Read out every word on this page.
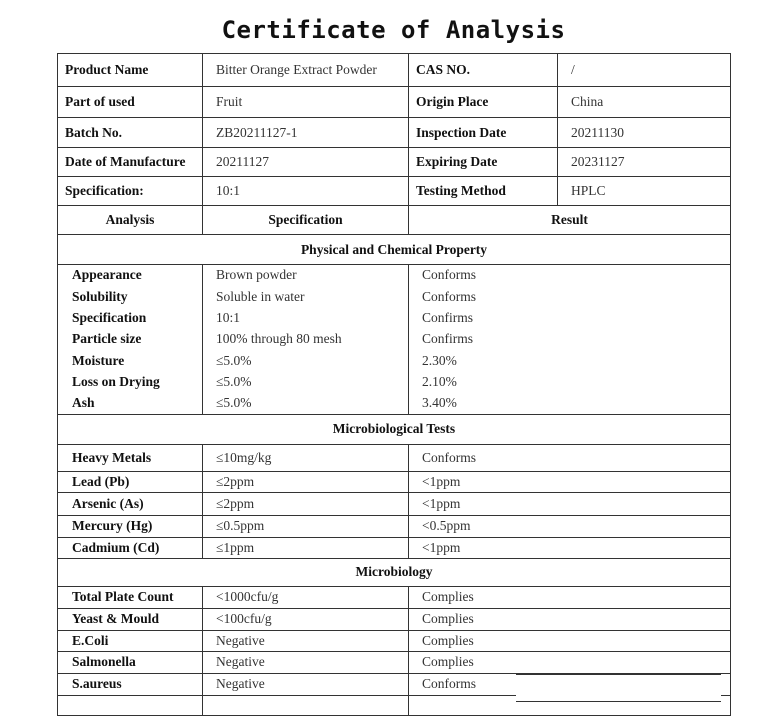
Certificate of Analysis
Product Name	Bitter Orange Extract Powder	CAS NO.	/
Part of used	Fruit	Origin Place	China
Batch No.	ZB20211127-1	Inspection Date	20211130
Date of Manufacture	20211127	Expiring Date	20231127
Specification:	10:1	Testing Method	HPLC
Analysis	Specification	Result	
Physical and Chemical Property			
Appearance	Brown powder	Conforms	
Solubility	Soluble in water	Conforms	
Specification	10:1	Confirms	
Particle size	100% through 80 mesh	Confirms	
Moisture	≤5.0%	2.30%	
Loss on Drying	≤5.0%	2.10%	
Ash	≤5.0%	3.40%	
Microbiological Tests			
Heavy Metals	≤10mg/kg	Conforms	
Lead (Pb)	≤2ppm	<1ppm	
Arsenic (As)	≤2ppm	<1ppm	
Mercury (Hg)	≤0.5ppm	<0.5ppm	
Cadmium (Cd)	≤1ppm	<1ppm	
Microbiology			
Total Plate Count	<1000cfu/g	Complies	
Yeast & Mould	<100cfu/g	Complies	
E.Coli	Negative	Complies	
Salmonella	Negative	Complies	
S.aureus	Negative	Conforms	
